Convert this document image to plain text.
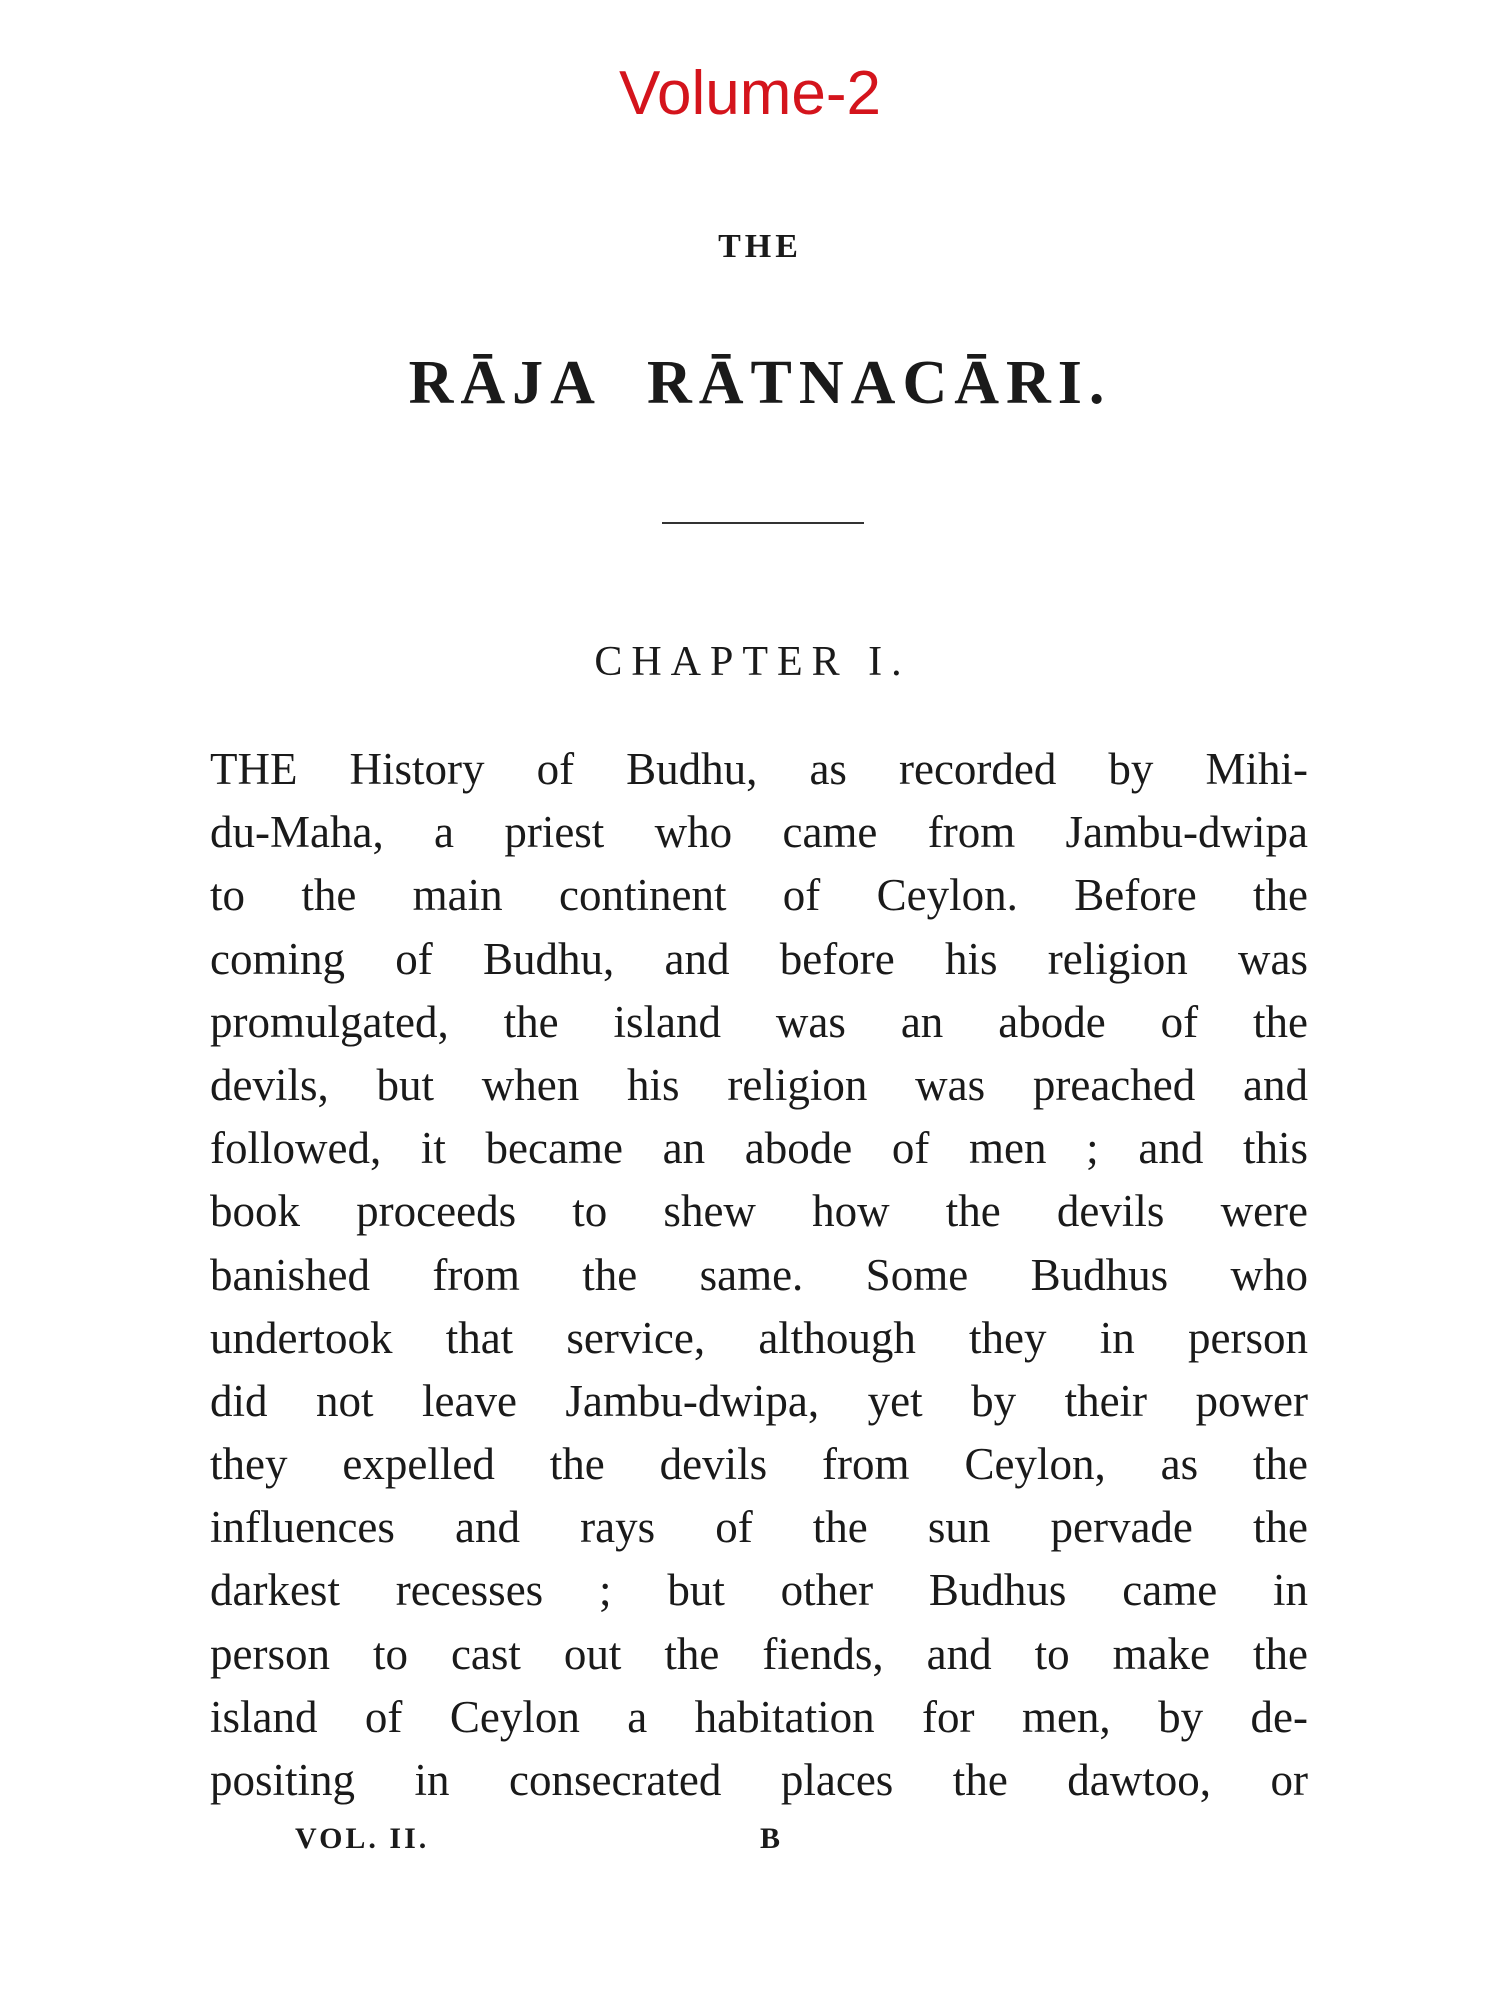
Volume-2
THE
RĀJA RĀTNACĀRI.
CHAPTER I.
THE History of Budhu, as recorded by Mihi-
du-Maha, a priest who came from Jambu-dwipa
to the main continent of Ceylon. Before the
coming of Budhu, and before his religion was
promulgated, the island was an abode of the
devils, but when his religion was preached and
followed, it became an abode of men ; and this
book proceeds to shew how the devils were
banished from the same. Some Budhus who
undertook that service, although they in person
did not leave Jambu-dwipa, yet by their power
they expelled the devils from Ceylon, as the
influences and rays of the sun pervade the
darkest recesses ; but other Budhus came in
person to cast out the fiends, and to make the
island of Ceylon a habitation for men, by de-
positing in consecrated places the dawtoo, or
VOL. II.	B
